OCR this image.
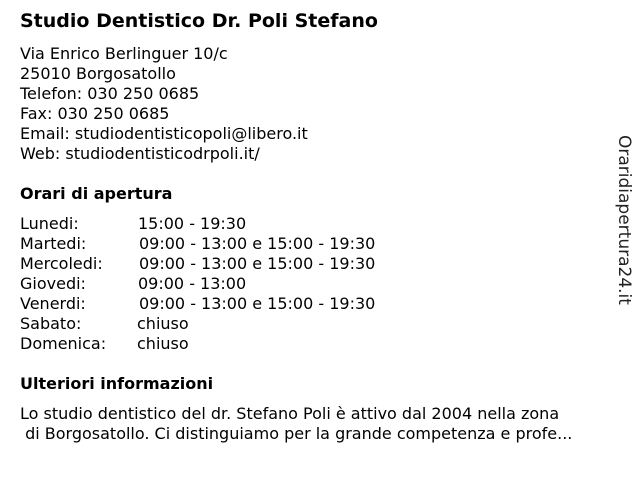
Studio Dentistico Dr. Poli Stefano
Via Enrico Berlinguer 10/c
25010 Borgosatollo
Telefon: 030 250 0685
Fax: 030 250 0685
Email: studiodentisticopoli@libero.it
Web: studiodentisticodrpoli.it/
Orari di apertura
Lunedi:	15:00 - 19:30
Martedi:	09:00 - 13:00 e 15:00 - 19:30
Mercoledi: 09:00 - 13:00 e 15:00 - 19:30
Giovedi:	09:00 - 13:00
Venerdi:	09:00 - 13:00 e 15:00 - 19:30
Sabato:	chiuso
Domenica: chiuso
Ulteriori informazioni
Lo studio dentistico del dr. Stefano Poli è attivo dal 2004 nella zona
di Borgosatollo. Ci distinguiamo per la grande competenza e profe...
Oraridiapertura24.it
